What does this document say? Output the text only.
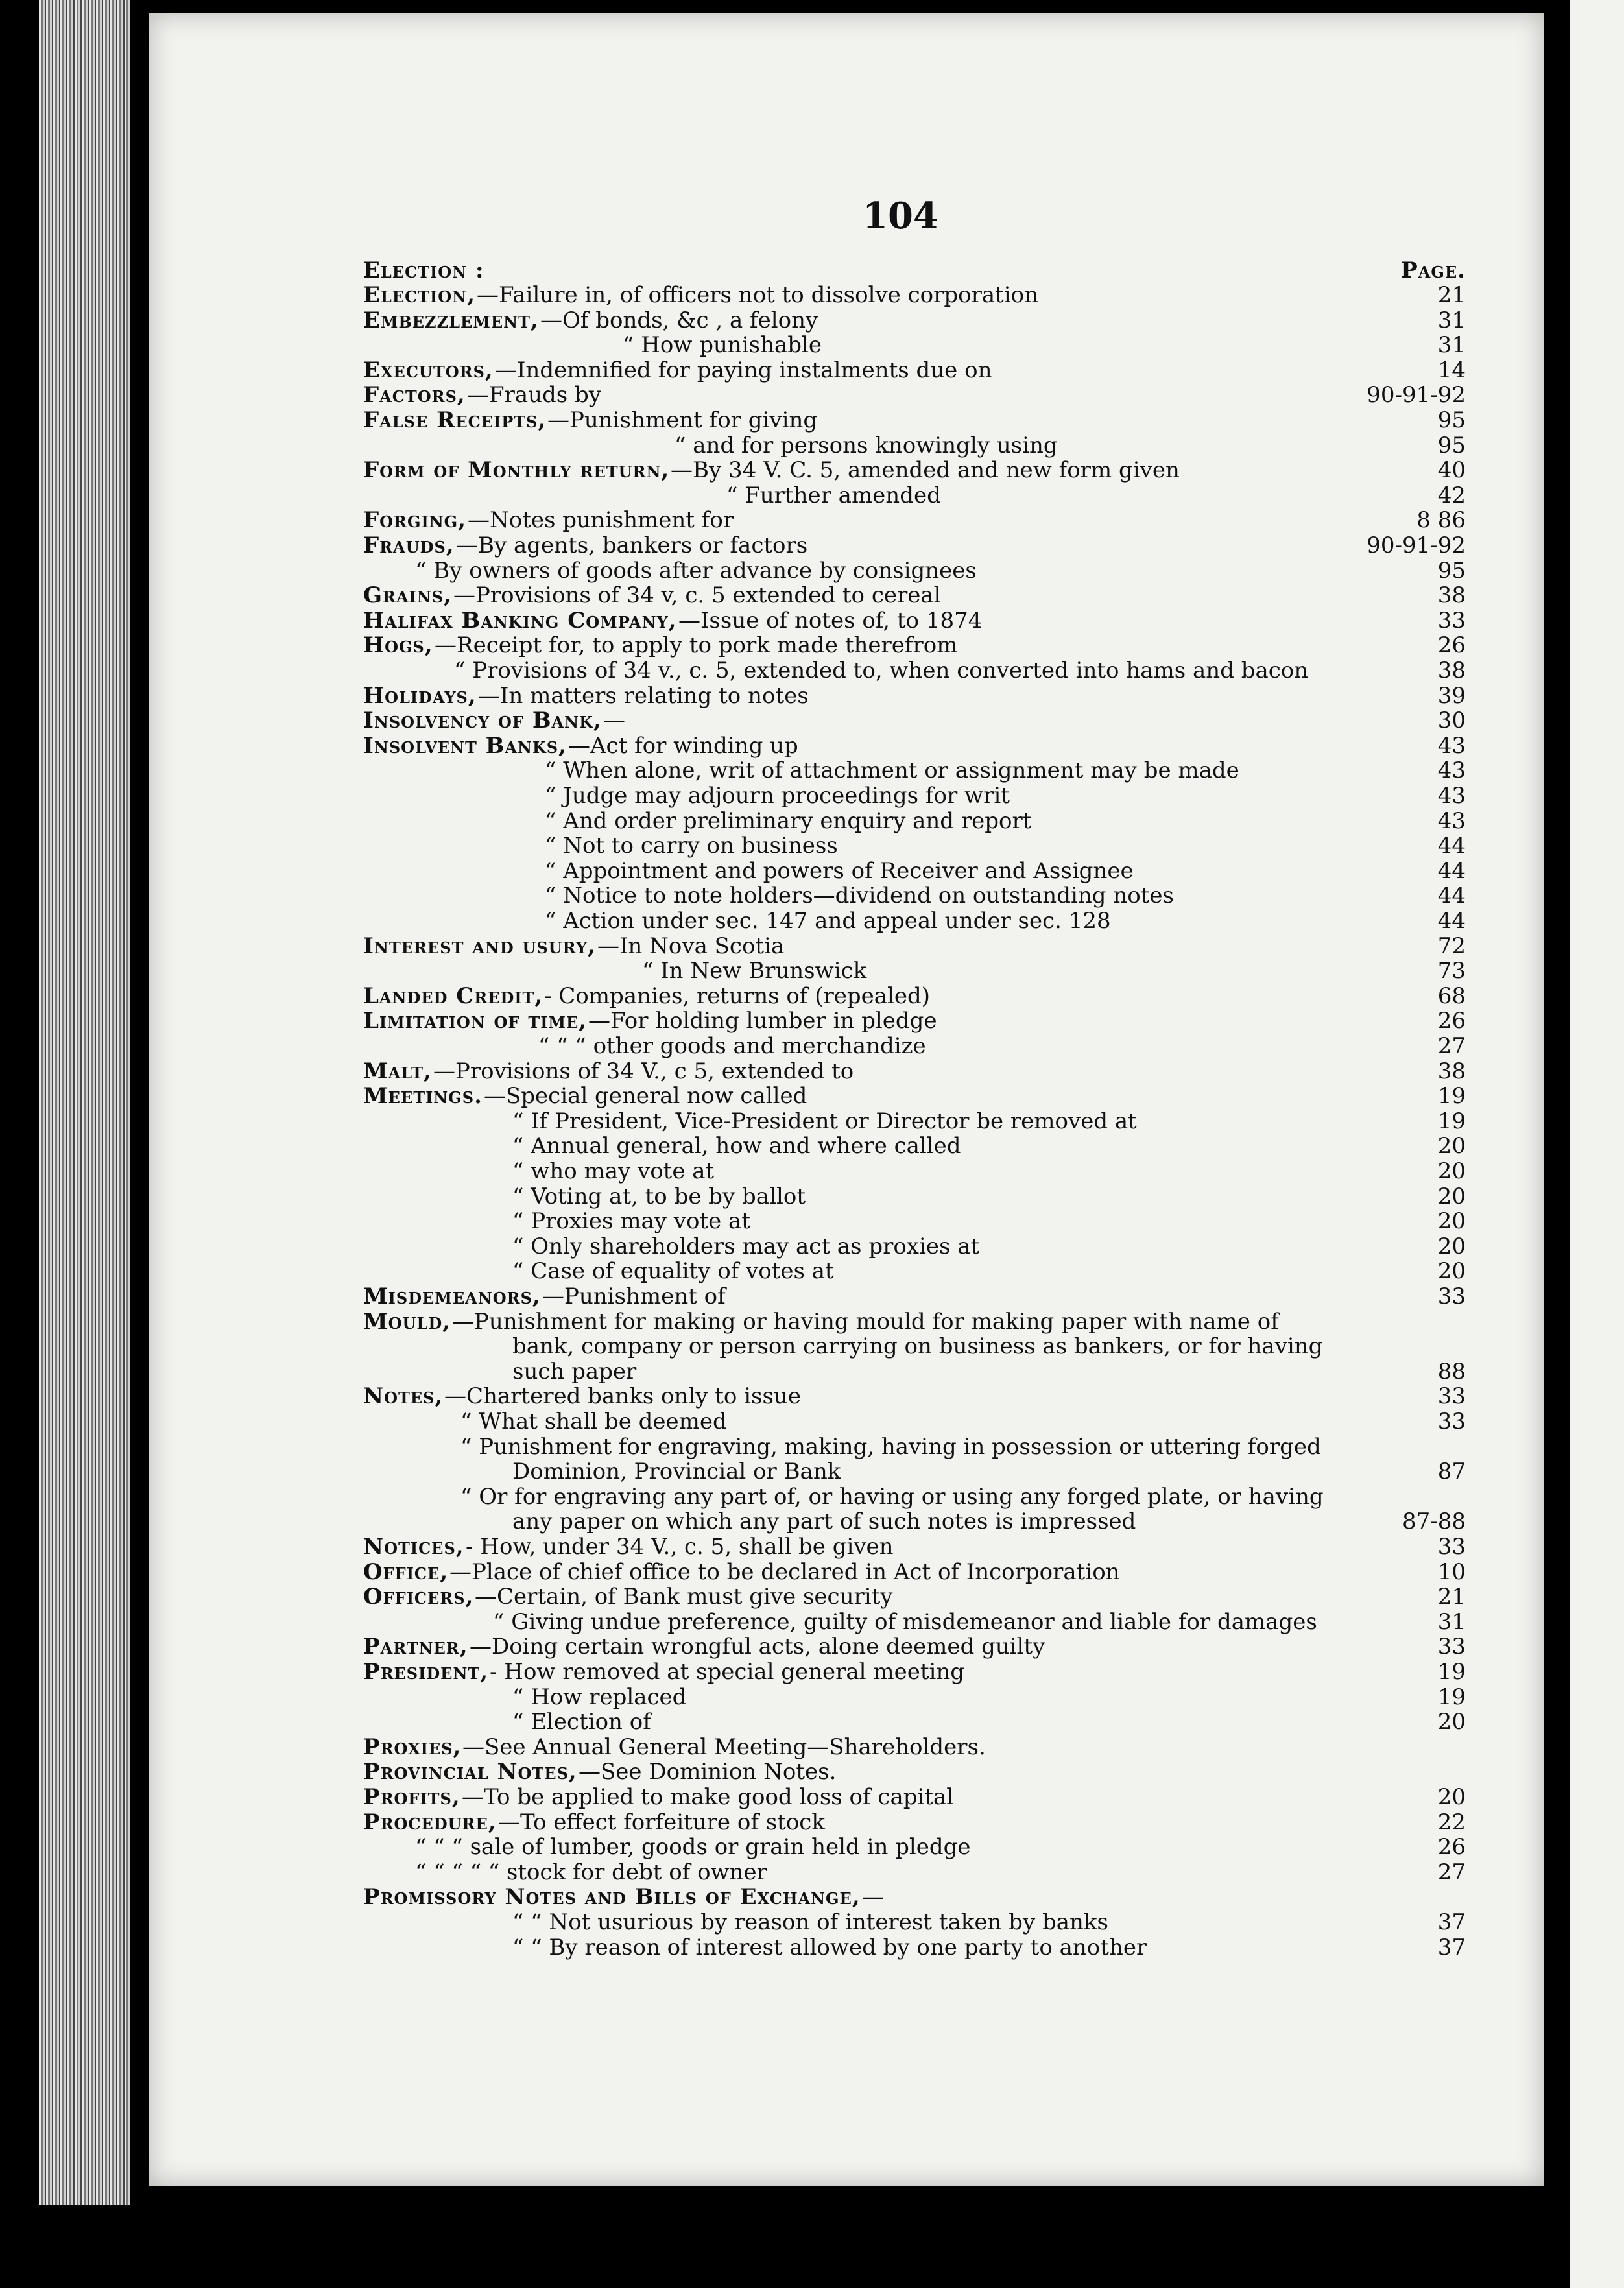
104
Election :	Page.
Election, —Failure in, of officers not to dissolve corporation	21
Embezzlement, —Of bonds, &c , a felony	31
“ How punishable	31
Executors, —Indemnified for paying instalments due on	14
Factors, —Frauds by	90-91-92
False Receipts, —Punishment for giving	95
“ and for persons knowingly using	95
Form of Monthly return, —By 34 V. C. 5, amended and new form given	40
“ Further amended	42
Forging, —Notes punishment for	8 86
Frauds, —By agents, bankers or factors	90-91-92
“ By owners of goods after advance by consignees	95
Grains, —Provisions of 34 v, c. 5 extended to cereal	38
Halifax Banking Company, —Issue of notes of, to 1874	33
Hogs, —Receipt for, to apply to pork made therefrom	26
“ Provisions of 34 v., c. 5, extended to, when converted into hams and bacon	38
Holidays, —In matters relating to notes	39
Insolvency of Bank, —	30
Insolvent Banks, —Act for winding up	43
“ When alone, writ of attachment or assignment may be made	43
“ Judge may adjourn proceedings for writ	43
“ And order preliminary enquiry and report	43
“ Not to carry on business	44
“ Appointment and powers of Receiver and Assignee	44
“ Notice to note holders—dividend on outstanding notes	44
“ Action under sec. 147 and appeal under sec. 128	44
Interest and usury, —In Nova Scotia	72
“ In New Brunswick	73
Landed Credit, - Companies, returns of (repealed)	68
Limitation of time, —For holding lumber in pledge	26
“ “ “ other goods and merchandize	27
Malt, —Provisions of 34 V., c 5, extended to	38
Meetings. —Special general now called	19
“ If President, Vice-President or Director be removed at	19
“ Annual general, how and where called	20
“ who may vote at	20
“ Voting at, to be by ballot	20
“ Proxies may vote at	20
“ Only shareholders may act as proxies at	20
“ Case of equality of votes at	20
Misdemeanors, —Punishment of	33
Mould, —Punishment for making or having mould for making paper with name of
bank, company or person carrying on business as bankers, or for having
such paper	88
Notes, —Chartered banks only to issue	33
“ What shall be deemed	33
“ Punishment for engraving, making, having in possession or uttering forged
Dominion, Provincial or Bank	87
“ Or for engraving any part of, or having or using any forged plate, or having
any paper on which any part of such notes is impressed	87-88
Notices, - How, under 34 V., c. 5, shall be given	33
Office, —Place of chief office to be declared in Act of Incorporation	10
Officers, —Certain, of Bank must give security	21
“ Giving undue preference, guilty of misdemeanor and liable for damages	31
Partner, —Doing certain wrongful acts, alone deemed guilty	33
President, - How removed at special general meeting	19
“ How replaced	19
“ Election of	20
Proxies, —See Annual General Meeting—Shareholders.
Provincial Notes, —See Dominion Notes.
Profits, —To be applied to make good loss of capital	20
Procedure, —To effect forfeiture of stock	22
“ “ “ sale of lumber, goods or grain held in pledge	26
“ “ “ “ “ stock for debt of owner	27
Promissory Notes and Bills of Exchange, —
“ “ Not usurious by reason of interest taken by banks	37
“ “ By reason of interest allowed by one party to another	37
